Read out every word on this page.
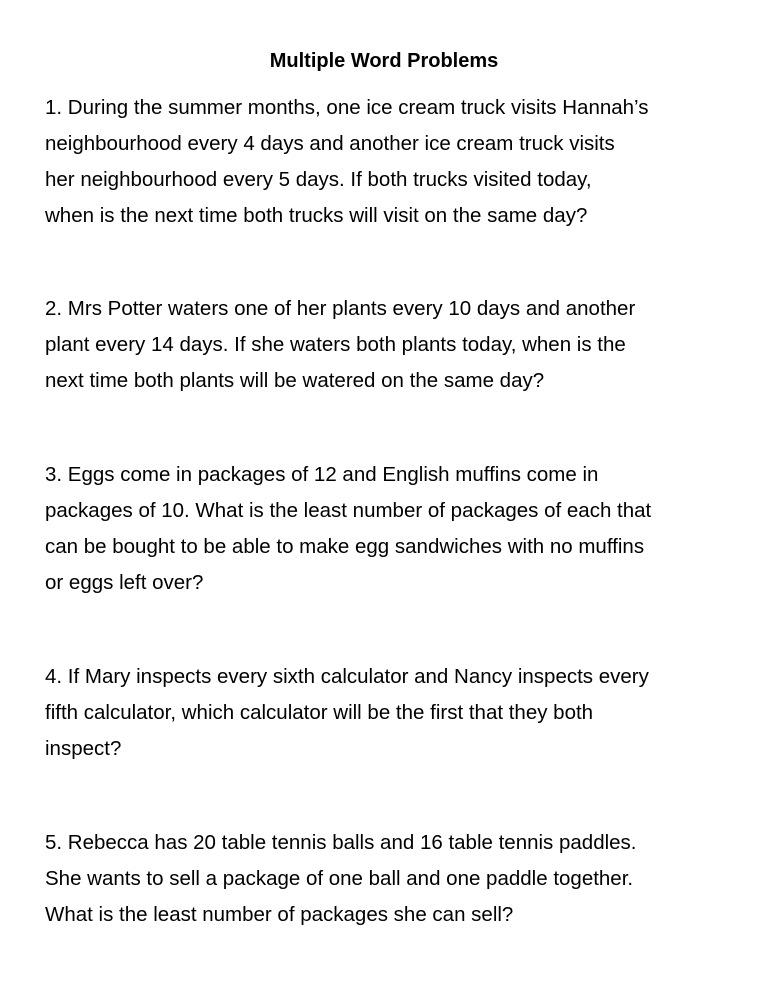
Multiple Word Problems
1. During the summer months, one ice cream truck visits Hannah’s
neighbourhood every 4 days and another ice cream truck visits
her neighbourhood every 5 days. If both trucks visited today,
when is the next time both trucks will visit on the same day?
2. Mrs Potter waters one of her plants every 10 days and another
plant every 14 days. If she waters both plants today, when is the
next time both plants will be watered on the same day?
3. Eggs come in packages of 12 and English muffins come in
packages of 10. What is the least number of packages of each that
can be bought to be able to make egg sandwiches with no muffins
or eggs left over?
4. If Mary inspects every sixth calculator and Nancy inspects every
fifth calculator, which calculator will be the first that they both
inspect?
5. Rebecca has 20 table tennis balls and 16 table tennis paddles.
She wants to sell a package of one ball and one paddle together.
What is the least number of packages she can sell?
